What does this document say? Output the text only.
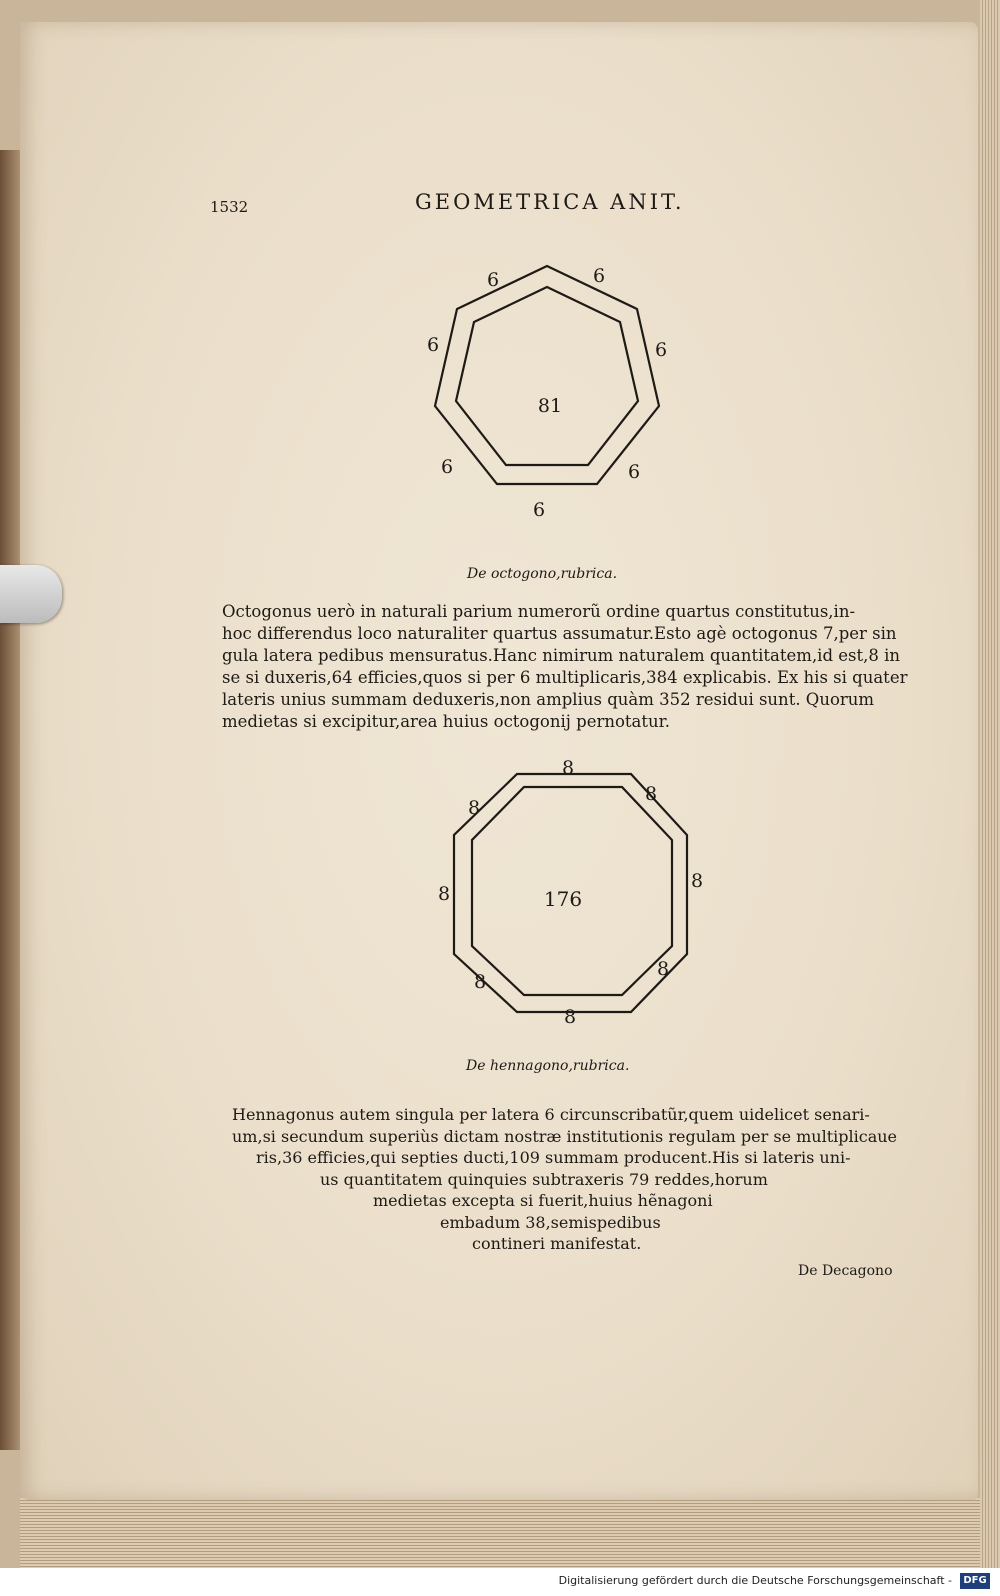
1532	GEOMETRICA ANIT.
6	6
6	6
6	6
6
81
De octogono,rubrica.
Octogonus uerò in naturali parium numerorũ ordine quartus constitutus,in-
hoc differendus loco naturaliter quartus assumatur.Esto agè octogonus 7,per sin
gula latera pedibus mensuratus.Hanc nimirum naturalem quantitatem,id est,8 in
se si duxeris,64 efficies,quos si per 6 multiplicaris,384 explicabis. Ex his si quater
lateris unius summam deduxeris,non amplius quàm 352 residui sunt. Quorum
medietas si excipitur,area huius octogonij pernotatur.
8
8
8
8
8
8
8
8
176
De hennagono,rubrica.
Hennagonus autem singula per latera 6 circunscribatũr,quem uidelicet senari-
um,si secundum superiùs dictam nostræ institutionis regulam per se multiplicaue
ris,36 efficies,qui septies ducti,109 summam producent.His si lateris uni-
us quantitatem quinquies subtraxeris 79 reddes,horum
medietas excepta si fuerit,huius hẽnagoni
embadum 38,semispedibus
contineri manifestat.
De Decagono
Digitalisierung gefördert durch die Deutsche Forschungsgemeinschaft -	DFG
